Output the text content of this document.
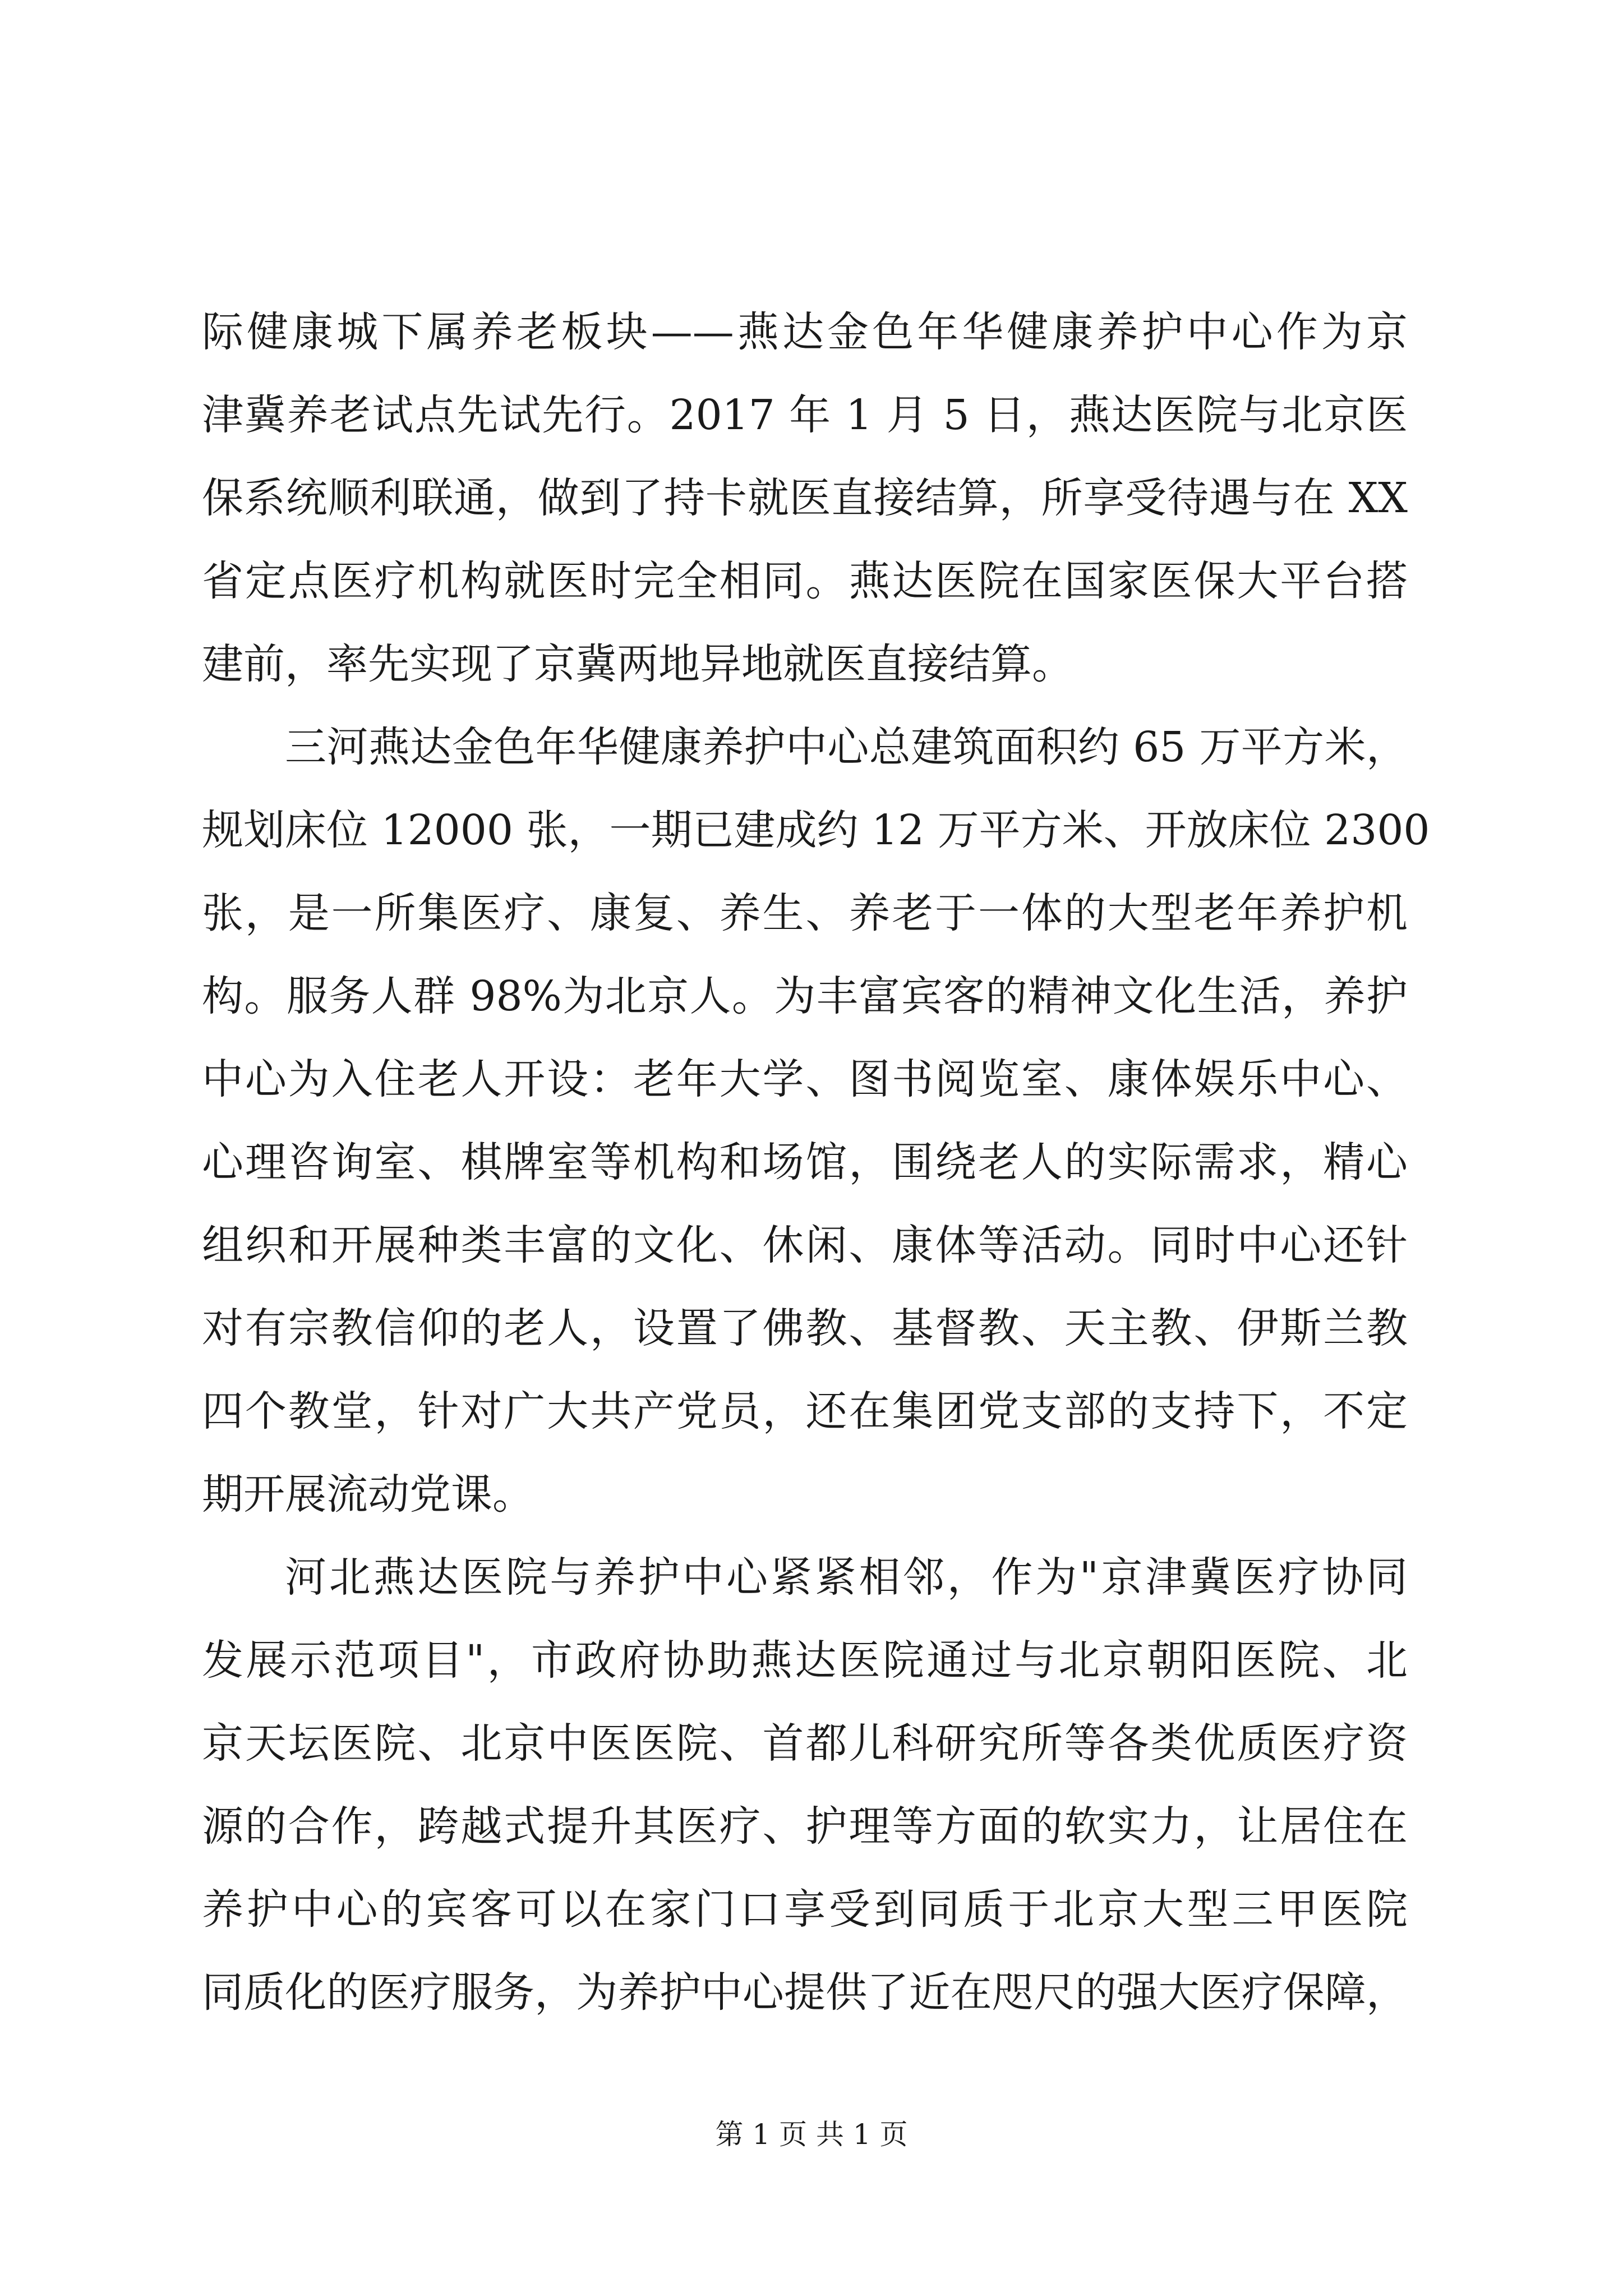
际健康城下属养老板块——燕达金色年华健康养护中心作为京
津冀养老试点先试先行。2017 年 1 月 5 日，燕达医院与北京医
保系统顺利联通，做到了持卡就医直接结算，所享受待遇与在 XX
省定点医疗机构就医时完全相同。燕达医院在国家医保大平台搭
建前，率先实现了京冀两地异地就医直接结算。
三河燕达金色年华健康养护中心总建筑面积约 65 万平方米，
规划床位 12000 张，一期已建成约 12 万平方米、开放床位 2300
张，是一所集医疗、康复、养生、养老于一体的大型老年养护机
构。服务人群 98%为北京人。为丰富宾客的精神文化生活，养护
中心为入住老人开设：老年大学、图书阅览室、康体娱乐中心、
心理咨询室、棋牌室等机构和场馆，围绕老人的实际需求，精心
组织和开展种类丰富的文化、休闲、康体等活动。同时中心还针
对有宗教信仰的老人，设置了佛教、基督教、天主教、伊斯兰教
四个教堂，针对广大共产党员，还在集团党支部的支持下，不定
期开展流动党课。
河北燕达医院与养护中心紧紧相邻，作为"京津冀医疗协同
发展示范项目"，市政府协助燕达医院通过与北京朝阳医院、北
京天坛医院、北京中医医院、首都儿科研究所等各类优质医疗资
源的合作，跨越式提升其医疗、护理等方面的软实力，让居住在
养护中心的宾客可以在家门口享受到同质于北京大型三甲医院
同质化的医疗服务，为养护中心提供了近在咫尺的强大医疗保障，
第 1 页 共 1 页
